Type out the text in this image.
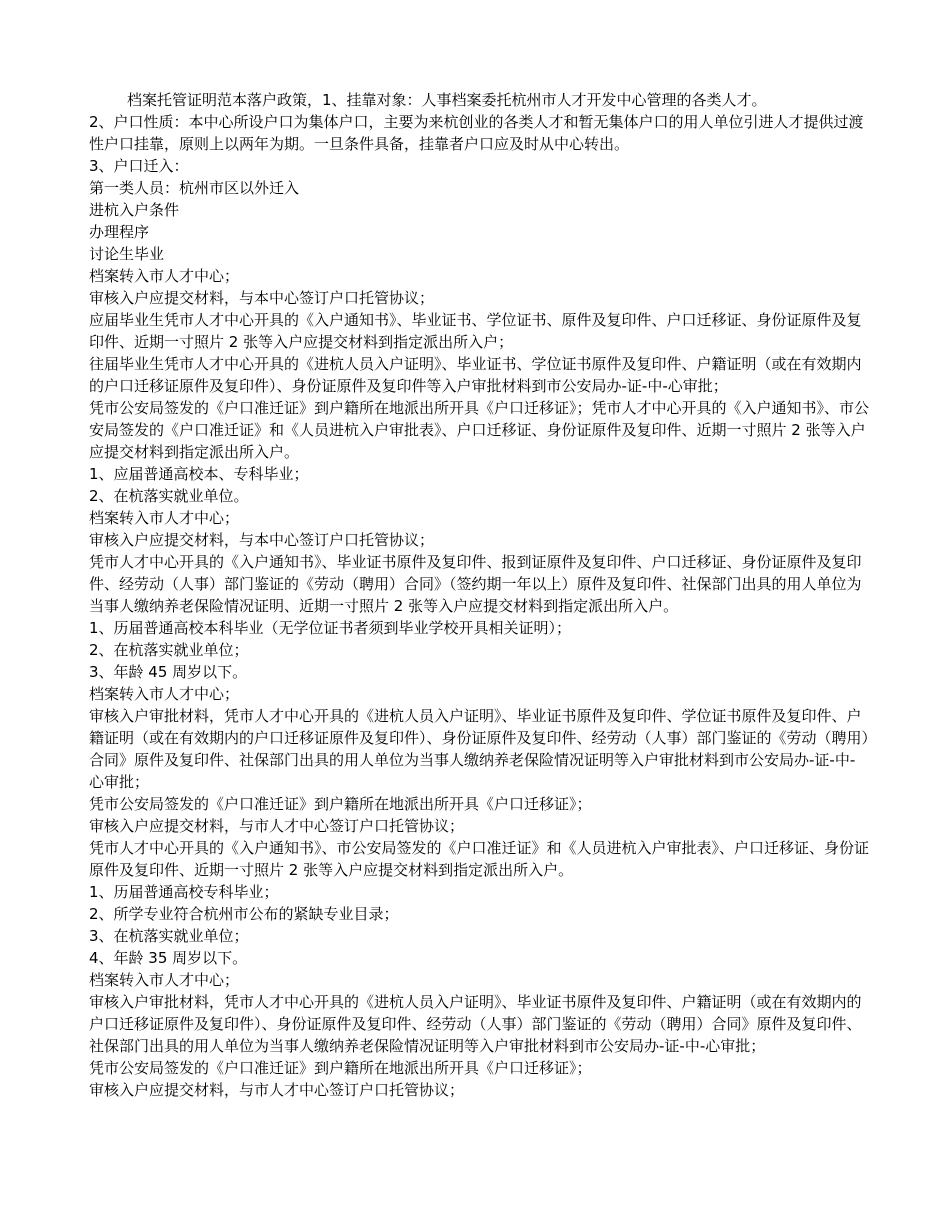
档案托管证明范本落户政策，1、挂靠对象：人事档案委托杭州市人才开发中心管理的各类人才。

2、户口性质：本中心所设户口为集体户口，主要为来杭创业的各类人才和暂无集体户口的用人单位引进人才提供过渡性户口挂靠，原则上以两年为期。一旦条件具备，挂靠者户口应及时从中心转出。

3、户口迁入：

第一类人员：杭州市区以外迁入

进杭入户条件

办理程序

讨论生毕业

档案转入市人才中心；

审核入户应提交材料，与本中心签订户口托管协议；

应届毕业生凭市人才中心开具的《入户通知书》、毕业证书、学位证书、原件及复印件、户口迁移证、身份证原件及复印件、近期一寸照片 2 张等入户应提交材料到指定派出所入户；

往届毕业生凭市人才中心开具的《进杭人员入户证明》、毕业证书、学位证书原件及复印件、户籍证明（或在有效期内的户口迁移证原件及复印件）、身份证原件及复印件等入户审批材料到市公安局办-证-中-心审批；

凭市公安局签发的《户口准迁证》到户籍所在地派出所开具《户口迁移证》；凭市人才中心开具的《入户通知书》、市公安局签发的《户口准迁证》和《人员进杭入户审批表》、户口迁移证、身份证原件及复印件、近期一寸照片 2 张等入户应提交材料到指定派出所入户。

1、应届普通高校本、专科毕业；

2、在杭落实就业单位。

档案转入市人才中心；

审核入户应提交材料，与本中心签订户口托管协议；

凭市人才中心开具的《入户通知书》、毕业证书原件及复印件、报到证原件及复印件、户口迁移证、身份证原件及复印件、经劳动（人事）部门鉴证的《劳动（聘用）合同》（签约期一年以上）原件及复印件、社保部门出具的用人单位为当事人缴纳养老保险情况证明、近期一寸照片 2 张等入户应提交材料到指定派出所入户。

1、历届普通高校本科毕业（无学位证书者须到毕业学校开具相关证明）；

2、在杭落实就业单位；

3、年龄 45 周岁以下。

档案转入市人才中心；

审核入户审批材料，凭市人才中心开具的《进杭人员入户证明》、毕业证书原件及复印件、学位证书原件及复印件、户籍证明（或在有效期内的户口迁移证原件及复印件）、身份证原件及复印件、经劳动（人事）部门鉴证的《劳动（聘用）合同》原件及复印件、社保部门出具的用人单位为当事人缴纳养老保险情况证明等入户审批材料到市公安局办-证-中-心审批；

凭市公安局签发的《户口准迁证》到户籍所在地派出所开具《户口迁移证》；

审核入户应提交材料，与市人才中心签订户口托管协议；

凭市人才中心开具的《入户通知书》、市公安局签发的《户口准迁证》和《人员进杭入户审批表》、户口迁移证、身份证原件及复印件、近期一寸照片 2 张等入户应提交材料到指定派出所入户。

1、历届普通高校专科毕业；

2、所学专业符合杭州市公布的紧缺专业目录；

3、在杭落实就业单位；

4、年龄 35 周岁以下。

档案转入市人才中心；

审核入户审批材料，凭市人才中心开具的《进杭人员入户证明》、毕业证书原件及复印件、户籍证明（或在有效期内的户口迁移证原件及复印件）、身份证原件及复印件、经劳动（人事）部门鉴证的《劳动（聘用）合同》原件及复印件、社保部门出具的用人单位为当事人缴纳养老保险情况证明等入户审批材料到市公安局办-证-中-心审批；

凭市公安局签发的《户口准迁证》到户籍所在地派出所开具《户口迁移证》；

审核入户应提交材料，与市人才中心签订户口托管协议；
